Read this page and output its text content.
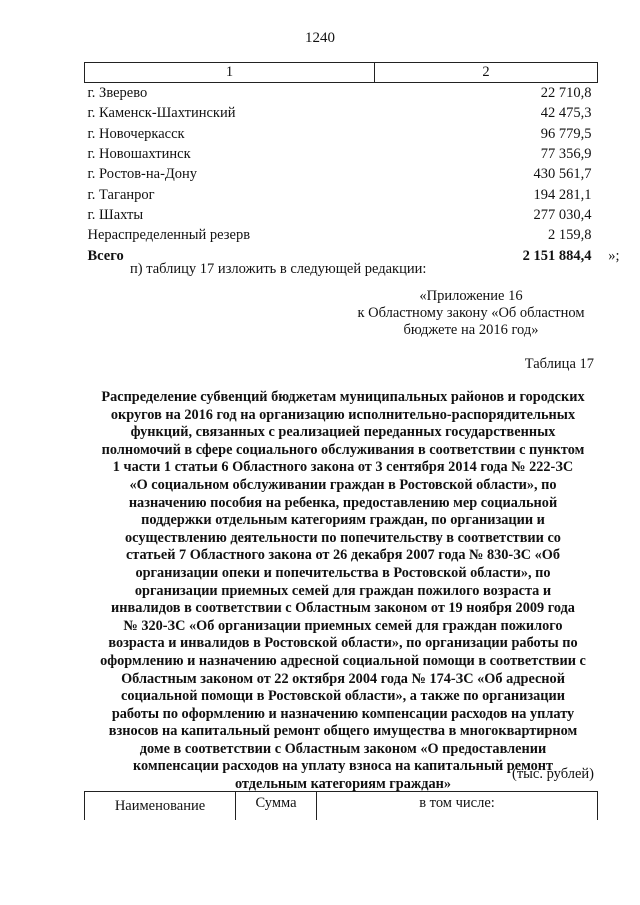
1240
1	2
г. Зверево	22 710,8
г. Каменск-Шахтинский	42 475,3
г. Новочеркасск	96 779,5
г. Новошахтинск	77 356,9
г. Ростов-на-Дону	430 561,7
г. Таганрог	194 281,1
г. Шахты	277 030,4
Нераспределенный резерв	2 159,8
Всего	2 151 884,4 »;
п) таблицу 17 изложить в следующей редакции:
«Приложение 16
к Областному закону «Об областном
бюджете на 2016 год»
Таблица 17
Распределение субвенций бюджетам муниципальных районов и городских
округов на 2016 год на организацию исполнительно-распорядительных
функций, связанных с реализацией переданных государственных
полномочий в сфере социального обслуживания в соответствии с пунктом
1 части 1 статьи 6 Областного закона от 3 сентября 2014 года № 222-ЗС
«О социальном обслуживании граждан в Ростовской области», по
назначению пособия на ребенка, предоставлению мер социальной
поддержки отдельным категориям граждан, по организации и
осуществлению деятельности по попечительству в соответствии со
статьей 7 Областного закона от 26 декабря 2007 года № 830-ЗС «Об
организации опеки и попечительства в Ростовской области», по
организации приемных семей для граждан пожилого возраста и
инвалидов в соответствии с Областным законом от 19 ноября 2009 года
№ 320-ЗС «Об организации приемных семей для граждан пожилого
возраста и инвалидов в Ростовской области», по организации работы по
оформлению и назначению адресной социальной помощи в соответствии с
Областным законом от 22 октября 2004 года № 174-ЗС «Об адресной
социальной помощи в Ростовской области», а также по организации
работы по оформлению и назначению компенсации расходов на уплату
взносов на капитальный ремонт общего имущества в многоквартирном
доме в соответствии с Областным законом «О предоставлении
компенсации расходов на уплату взноса на капитальный ремонт
отдельным категориям граждан»
(тыс. рублей)
Наименование	Сумма	в том числе:
